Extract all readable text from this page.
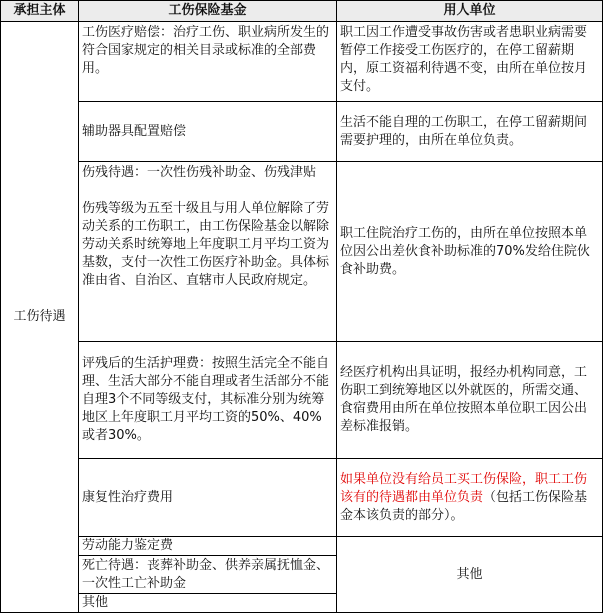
承担主体	工伤保险基金	用人单位
工伤待遇	工伤医疗赔偿：治疗工伤、职业病所发生的符合国家规定的相关目录或标准的全部费用。	职工因工作遭受事故伤害或者患职业病需要暂停工作接受工伤医疗的，在停工留薪期内，原工资福利待遇不变，由所在单位按月支付。
	辅助器具配置赔偿	生活不能自理的工伤职工，在停工留薪期间需要护理的，由所在单位负责。

	伤残待遇：一次性伤残补助金、伤残津贴
伤残等级为五至十级且与用人单位解除了劳动关系的工伤职工，由工伤保险基金以解除劳动关系时统筹地上年度职工月平均工资为基数，支付一次性工伤医疗补助金。具体标准由省、自治区、直辖市人民政府规定。	职工住院治疗工伤的，由所在单位按照本单位因公出差伙食补助标准的70%发给住院伙食补助费。
	评残后的生活护理费：按照生活完全不能自理、生活大部分不能自理或者生活部分不能自理3个不同等级支付，其标准分别为统筹地区上年度职工月平均工资的50%、40%或者30%。	经医疗机构出具证明，报经办机构同意，工伤职工到统筹地区以外就医的，所需交通、食宿费用由所在单位按照本单位职工因公出差标准报销。
	康复性治疗费用	如果单位没有给员工买工伤保险，职工工伤该有的待遇都由单位负责（包括工伤保险基金本该负责的部分）。
	劳动能力鉴定费	其他
	死亡待遇：丧葬补助金、供养亲属抚恤金、一次性工亡补助金	
	其他	
